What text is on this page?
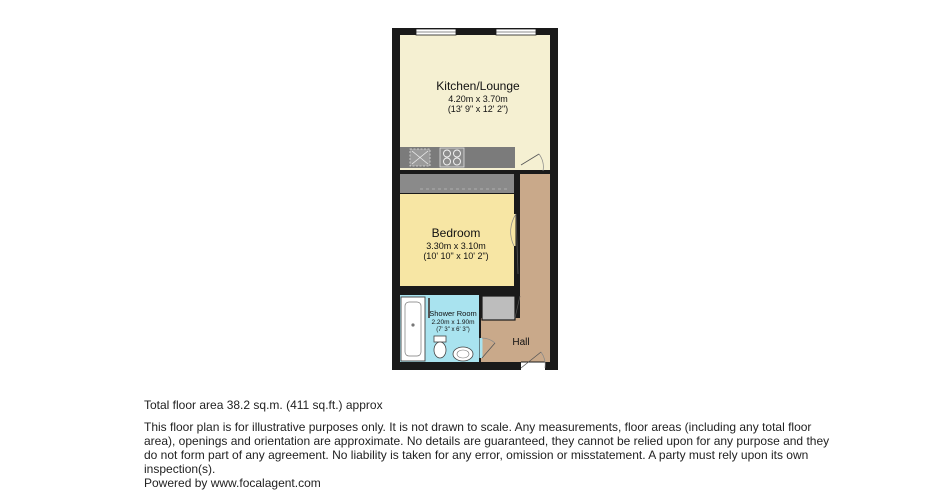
Kitchen/Lounge
4.20m x 3.70m
(13' 9" x 12' 2")
Bedroom
3.30m x 3.10m
(10' 10" x 10' 2")
Shower Room
2.20m x 1.90m
(7' 3" x 6' 3")
Hall
Total floor area 38.2 sq.m. (411 sq.ft.) approx

This floor plan is for illustrative purposes only. It is not drawn to scale. Any measurements, floor areas (including any total floor area), openings and orientation are approximate. No details are guaranteed, they cannot be relied upon for any purpose and they do not form part of any agreement. No liability is taken for any error, omission or misstatement. A party must rely upon its own inspection(s).

Powered by www.focalagent.com
